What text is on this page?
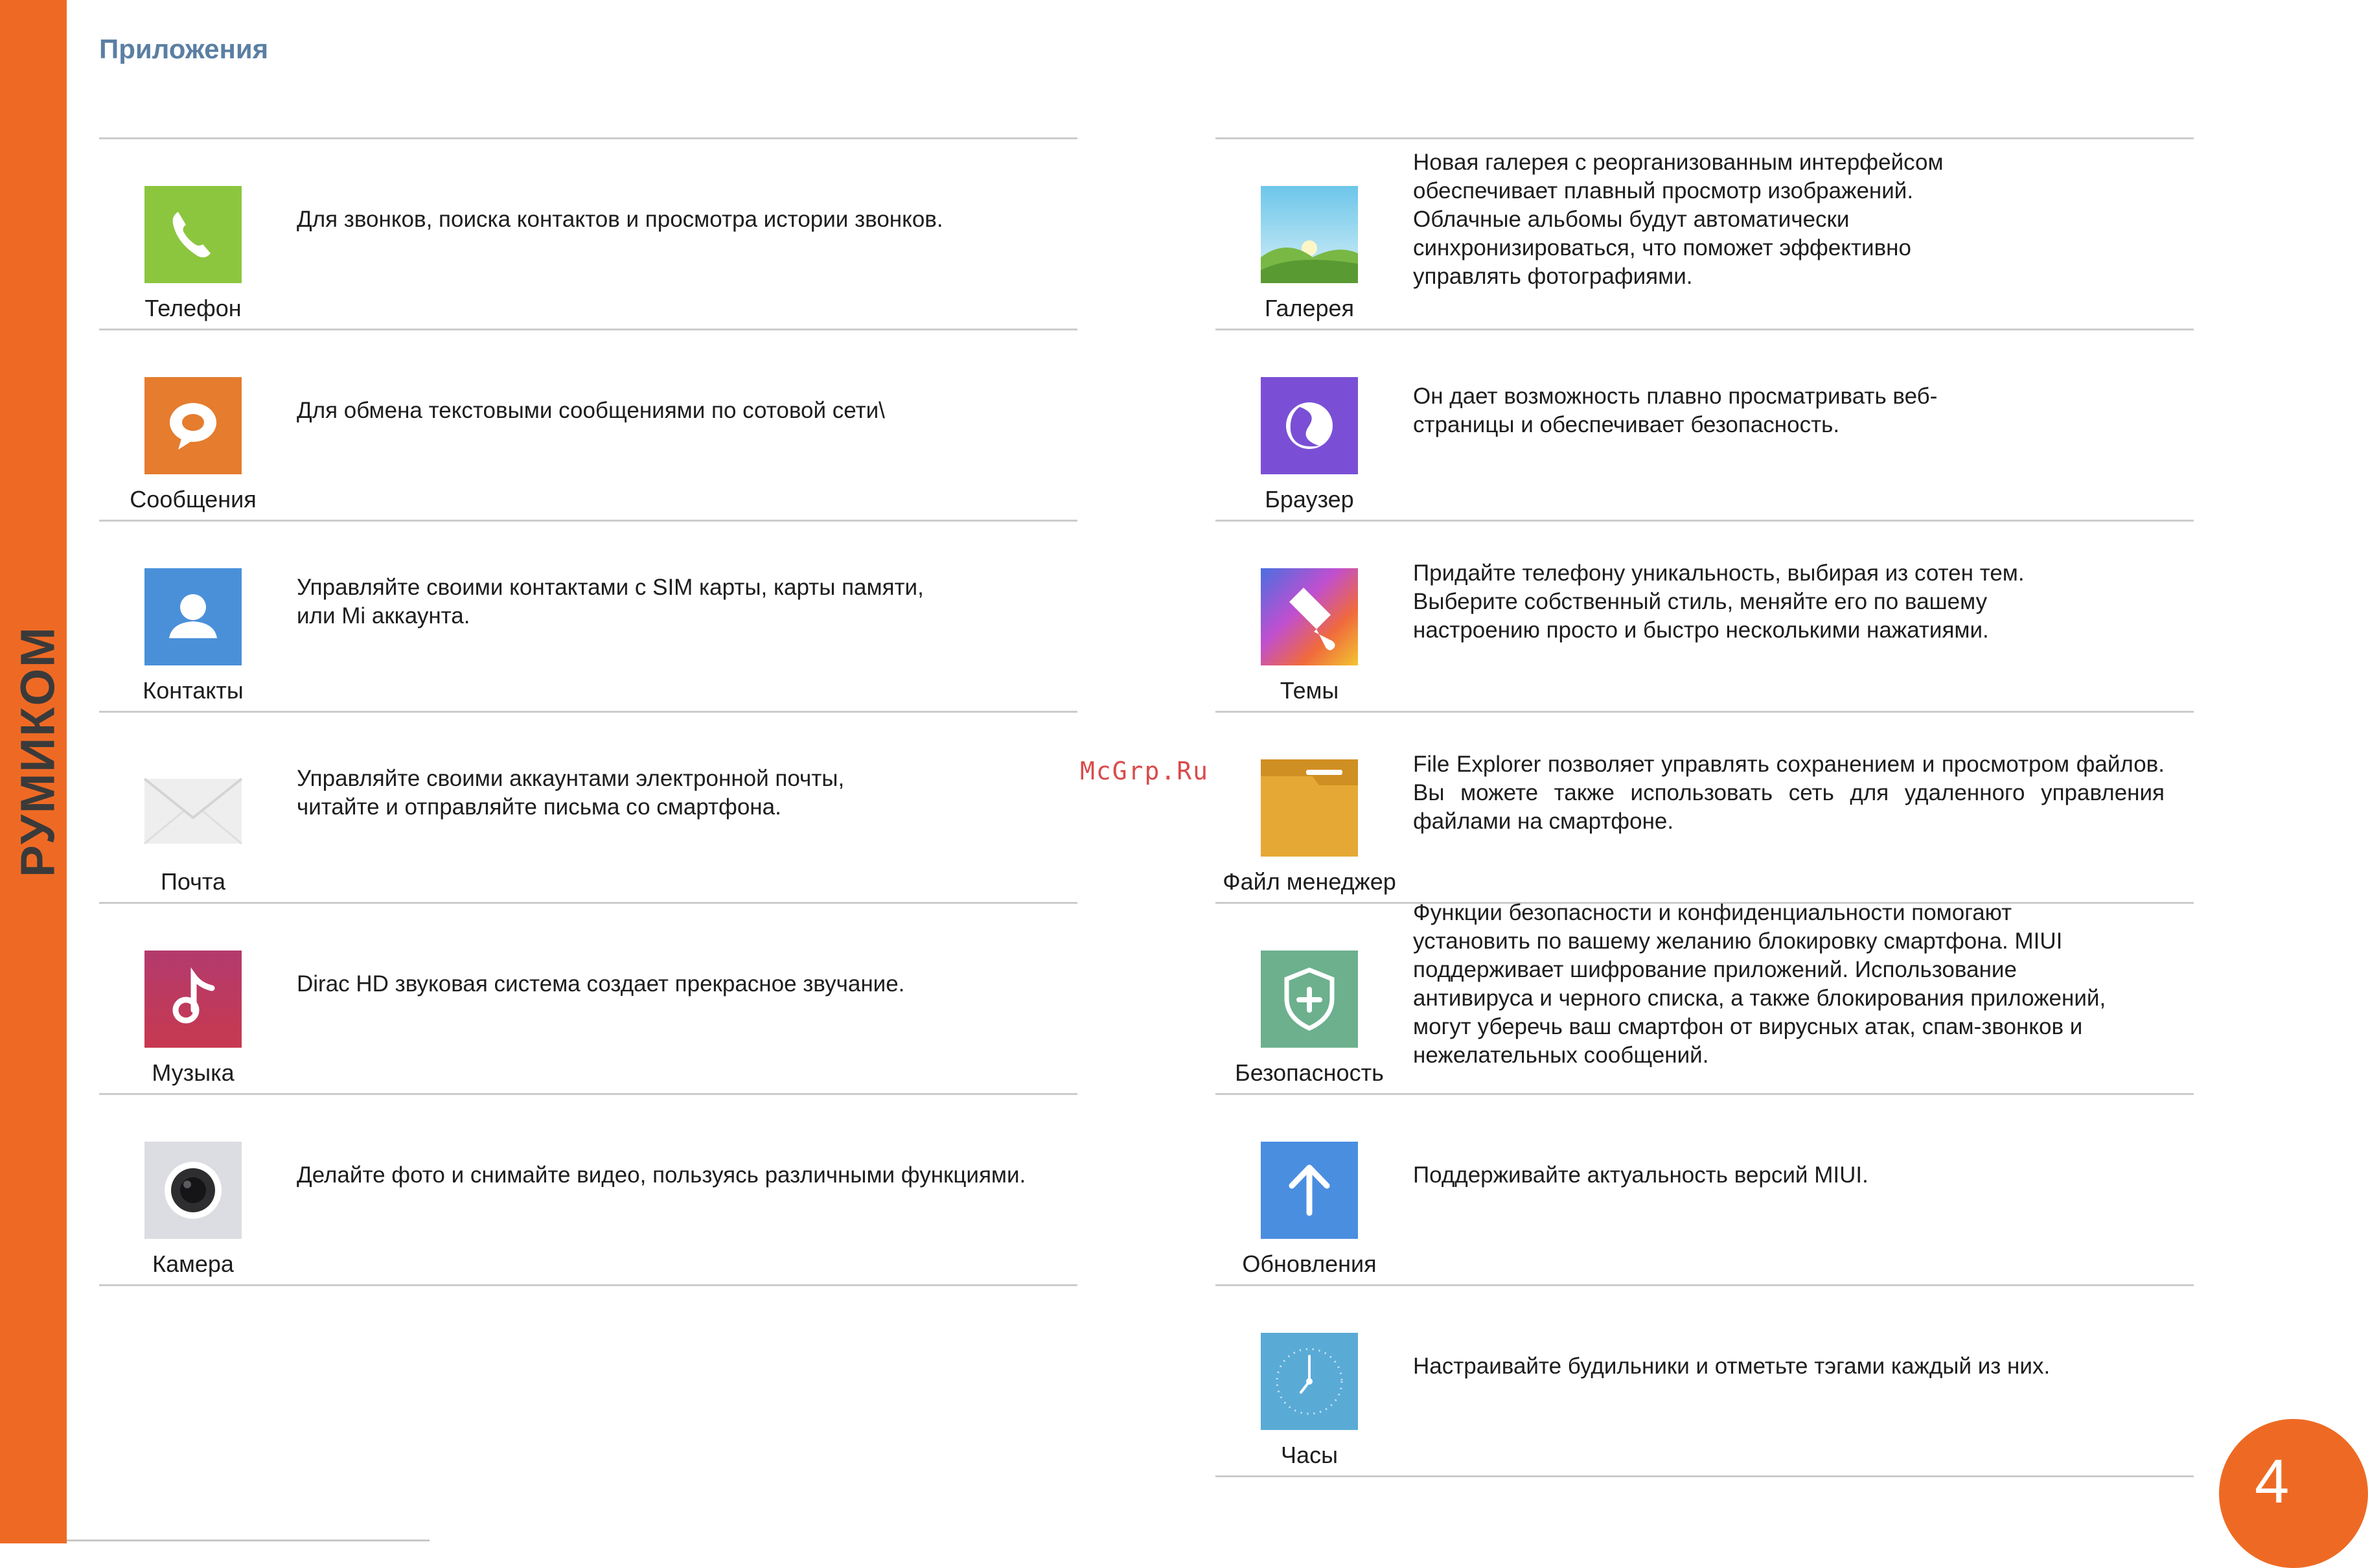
РУМИКОМ
Приложения
McGrp.Ru
Телефон
Для звонков, поиска контактов и просмотра истории звонков.
Сообщения
Для обмена текстовыми сообщениями по сотовой сети\
Контакты
Управляйте своими контактами с SIM карты, карты памяти,
или Mi аккаунта.
Почта
Управляйте своими аккаунтами электронной почты,
читайте и отправляйте письма со смартфона.
Музыка
Dirac HD звуковая система создает прекрасное звучание.
Камера
Делайте фото и снимайте видео, пользуясь различными функциями.
Галерея
Новая галерея с реорганизованным интерфейсом
обеспечивает плавный просмотр изображений.
Облачные альбомы будут автоматически
синхронизироваться, что поможет эффективно
управлять фотографиями.
Браузер
Он дает возможность плавно просматривать веб-
страницы и обеспечивает безопасность.
Темы
Придайте телефону уникальность, выбирая из сотен тем.
Выберите собственный стиль, меняйте его по вашему
настроению просто и быстро несколькими нажатиями.
Файл менеджер
File Explorer позволяет управлять сохранением и просмотром файлов. Вы можете также использовать сеть для удаленного управления файлами на смартфоне.
Безопасность
Функции безопасности и конфиденциальности помогают
установить по вашему желанию блокировку смартфона. MIUI
поддерживает шифрование приложений. Использование
антивируса и черного списка, а также блокирования приложений,
могут уберечь ваш смартфон от вирусных атак, спам-звонков и
нежелательных сообщений.
Обновления
Поддерживайте актуальность версий MIUI.
Часы
Настраивайте будильники и отметьте тэгами каждый из них.
4
